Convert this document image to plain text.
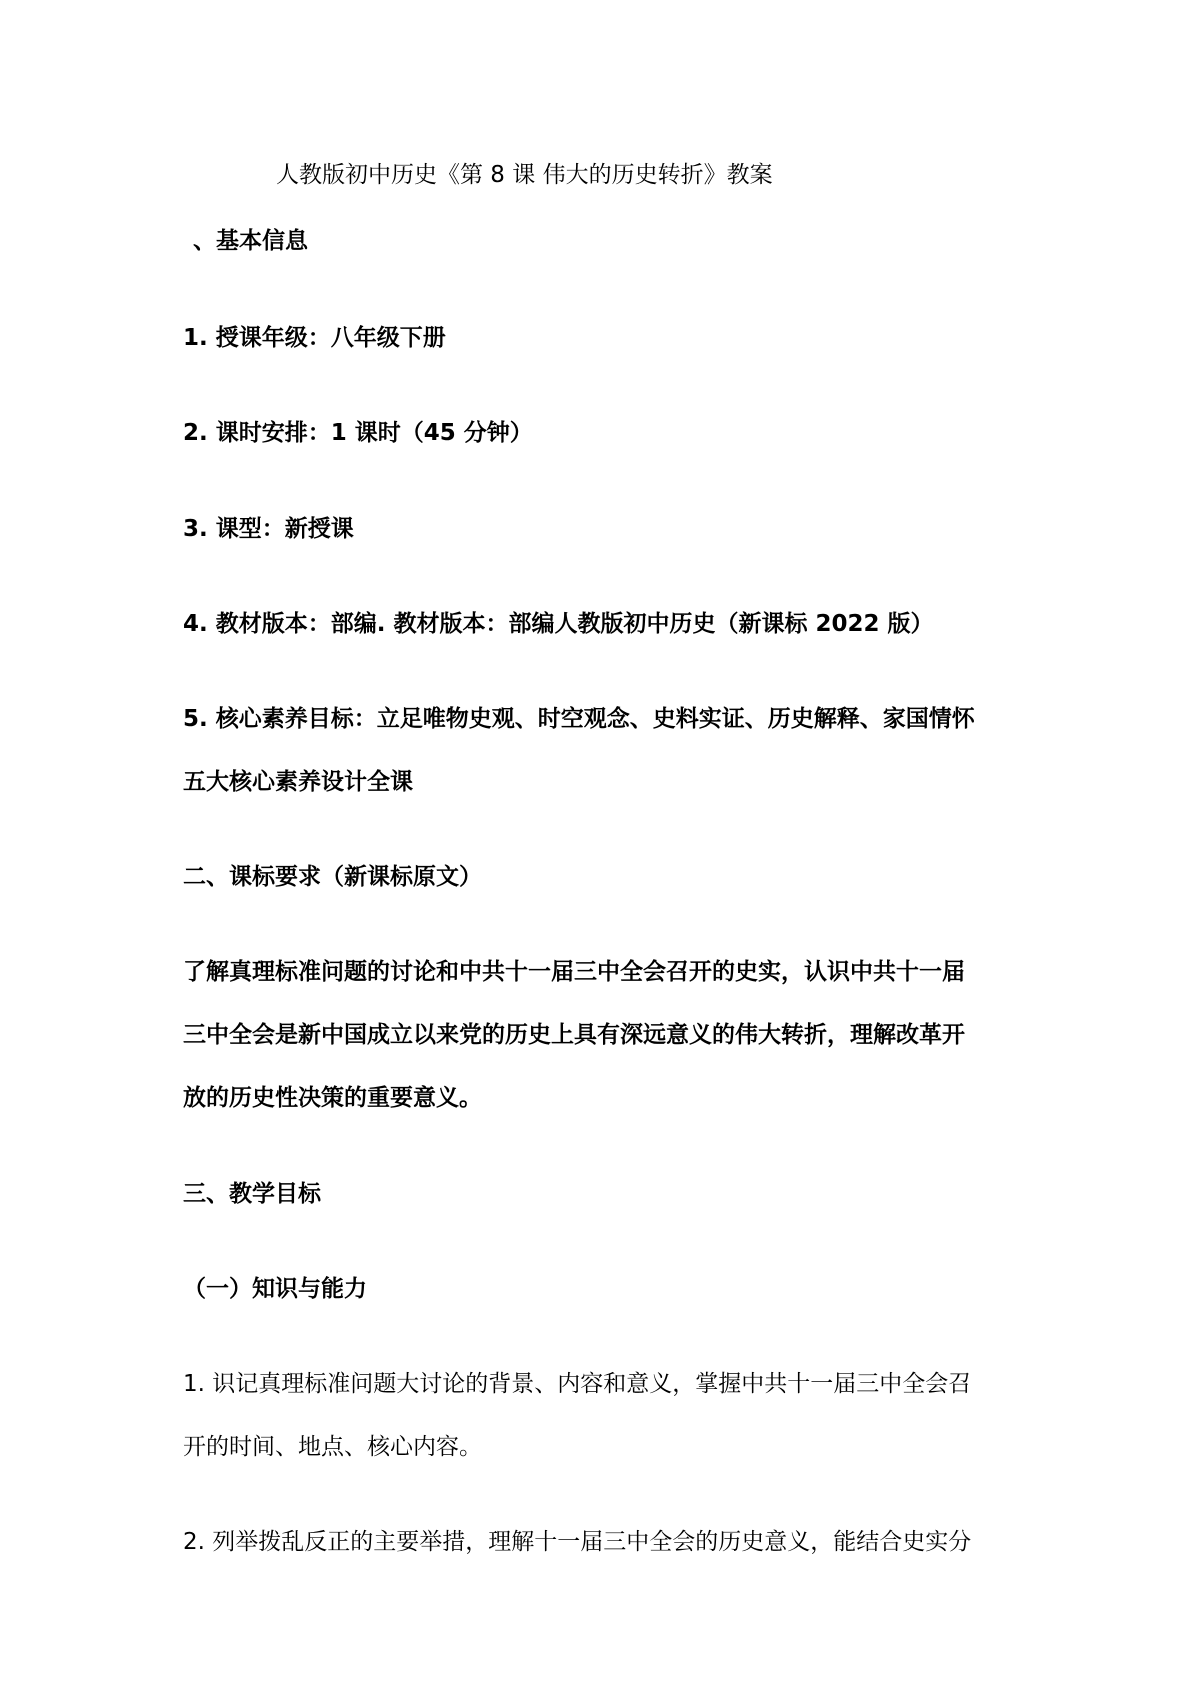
人教版初中历史《第 8 课 伟大的历史转折》教案
、基本信息
1. 授课年级：八年级下册
2. 课时安排：1 课时（45 分钟）
3. 课型：新授课
4. 教材版本：部编. 教材版本：部编人教版初中历史（新课标 2022 版）
5. 核心素养目标：立足唯物史观、时空观念、史料实证、历史解释、家国情怀
五大核心素养设计全课
二、课标要求（新课标原文）
了解真理标准问题的讨论和中共十一届三中全会召开的史实，认识中共十一届
三中全会是新中国成立以来党的历史上具有深远意义的伟大转折，理解改革开
放的历史性决策的重要意义。
三、教学目标
（一）知识与能力
1. 识记真理标准问题大讨论的背景、内容和意义，掌握中共十一届三中全会召
开的时间、地点、核心内容。
2. 列举拨乱反正的主要举措，理解十一届三中全会的历史意义，能结合史实分
